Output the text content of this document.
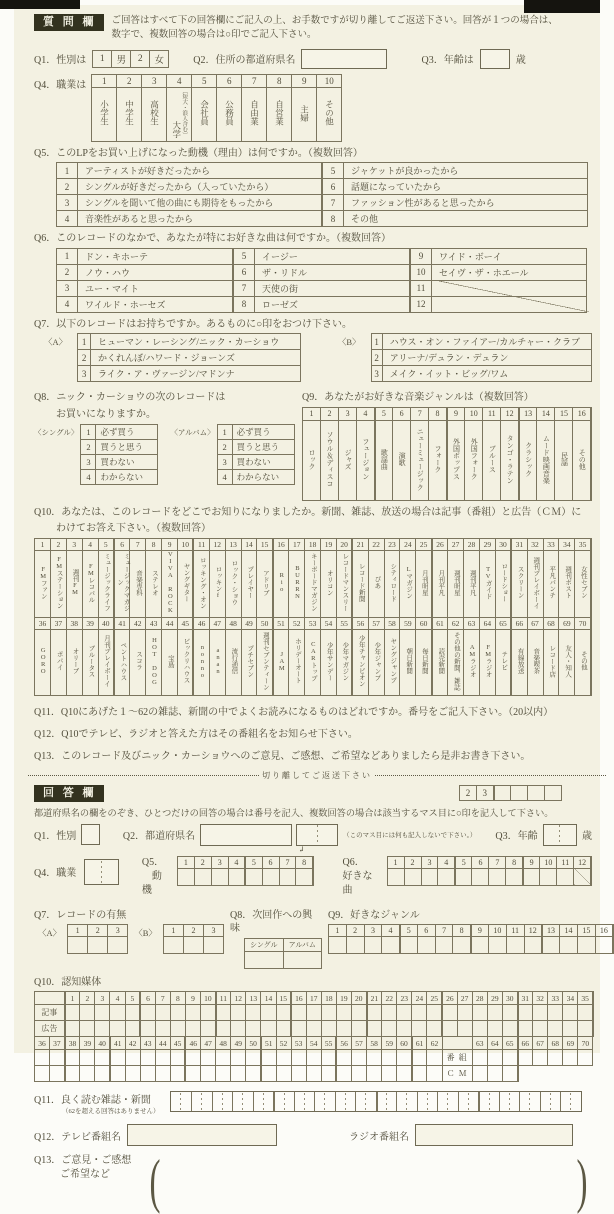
質 問 欄	ご回答はすべて下の回答欄にご記入の上、お手数ですが切り離してご返送下さい。回答が１つの場合は、
数字で、複数回答の場合は○印でご記入下さい。
Q1．性別は 1	男	2	女	Q2．住所の都道府県名	Q3．年齢は	歳
Q4．職業は 1	2	3	4	5	6	7	8	9	10
小学生	中学生	高校生	大学〔短大・浪人含む〕	会社員	公務員	自由業	自営業	主婦	その他
Q5．このLPをお買い上げになった動機（理由）は何ですか。（複数回答）
1	アーティストが好きだったから
2	シングルが好きだったから（入っていたから）
3	シングルを聞いて他の曲にも期待をもったから
4	音楽性があると思ったから
5	ジャケットが良かったから
6	話題になっていたから
7	ファッション性があると思ったから
8	その他
Q6．このレコードのなかで、あなたが特にお好きな曲は何ですか。（複数回答）
1	ドン・キホーテ
2	ノウ・ハウ
3	ユー・マイト
4	ワイルド・ホーセズ
5	イージー
6	ザ・リドル
7	天使の街
8	ローゼズ
9	ワイド・ボーイ
10	セイヴ・ザ・ホエール
11	
12	
Q7．以下のレコードはお持ちですか。あるものに○印をおつけ下さい。
〈A〉 1	ヒューマン・レーシング/ニック・カーショウ
2	かくれんぼ/ハワード・ジョーンズ
3	ライク・ア・ヴァージン/マドンナ
〈B〉 1	ハウス・オン・ファイアー/カルチャー・クラブ
2	アリーナ/デュラン・デュラン
3	メイク・イット・ビッグ/ワム
Q8．ニック・カーショウの次のレコードは
お買いになりますか。
〈シングル〉 1	必ず買う
2	買うと思う
3	買わない
4	わからない
〈アルバム〉 1	必ず買う
2	買うと思う
3	買わない
4	わからない
Q9．あなたがお好きな音楽ジャンルは（複数回答）
1	2	3	4	5	6	7	8	9	10	11	12	13	14	15	16
ロック	ソウル＆ディスコ	ジャズ	フュージョン	歌謡曲	演歌	ニューミュージック	フォーク	外国ポップス	外国フォーク	ブルース	タンゴ・ラテン	クラシック	ムード映画音楽	民謡	その他
Q10．あなたは、このレコードをどこでお知りになりましたか。新聞、雑誌、放送の場合は記事（番組）と広告（ＣＭ）に
わけてお答え下さい。（複数回答）
1	2	3	4	5	6	7	8	9	10	11	12	13	14	15	16	17	18	19	20	21	22	23	24	25	26	27	28	29	30	31	32	33	34	35
FMファン	FMステーション	週刊FM	FMレコパル	ミュージックライフ	ミュージックマガジン	音楽専科	ステレオ	VIVA ROCK	ヤングギター	ロッキング・オン	ロッキンf	ロック・ショウ	プレイヤー	アドリブ	Rio	BURRN	キーボードマガジン	オリコン	レコードマンスリー	レコード新聞	ぴあ	シティロード	Lマガジン	月刊明星	月刊平凡	週刊明星	週刊平凡	TVガイド	ロードショー	スクリーン	週刊プレイボーイ	平凡パンチ	週刊ポスト	女性セブン
36	37	38	39	40	41	42	43	44	45	46	47	48	49	50	51	52	53	54	55	56	57	58	59	60	61	62	63	64	65	66	67	68	69	70
GORO	ポパイ	オリーブ	ブルータス	月刊プレイボーイ	ペントハウス	スコラ	HOT DOG	宝島	ビックリハウス	nonno	anan	流行通信	プチセブン	週刊セブンティーン	JAM	ホリデーオート	CARトップ	少年サンデー	少年マガジン	少年チャンピオン	少年ジャンプ	ヤングジャンプ	朝日新聞	毎日新聞	読売新聞	その他の新聞、雑誌	AMラジオ	FMラジオ	テレビ	有線放送	音楽喫茶	レコード店	友人・知人	その他
Q11．Q10にあげた１～62の雑誌、新聞の中でよくお読みになるものはどれですか。番号をご記入下さい。（20以内）
Q12．Q10でテレビ、ラジオと答えた方はその番組名をお知らせ下さい。
Q13．このレコード及びニック・カーショウへのご意見、ご感想、ご希望などありましたら是非お書き下さい。
切り離してご返送下さい
回 答 欄	2	3				
都道府県名の欄をのぞき、ひとつだけの回答の場合は番号を記入、複数回答の場合は該当するマス目に○印を記入して下さい。
Q1．性別	Q2．都道府県名
↲
（このマス目には何も記入しないで下さい。） Q3．年齢	歳
Q4．職業
Q5．
動機
1	2	3	4	5	6	7	8
								Q6．
好きな曲
1	2	3	4	5	6	7	8	9	10	11	12

Q7．レコードの有無
〈A〉 1	2	3
		〈B〉 1	2	3

Q8．次回作への興味
シングル	アルバム

Q9．好きなジャンル
1	2	3	4	5	6	7	8	9	10	11	12	13	14	15	16

Q10．認知媒体
		1	2	3	4	5	6	7	8	9	10	11	12	13	14	15	16	17	18	19	20	21	22	23	24	25	26	27	28	29	30	31	32	33	34	35
記事																																				
広告																																				
36	37	38	39	40	41	42	43	44	45	46	47	48	49	50	51	52	53	54	55	56	57	58	59	60	61	62			63	64	65	66	67	68	69	70
																											番 組									
																											Ｃ Ｍ									
Q11．良く読む雑誌・新聞
（62を超える回答はありません）
Q12．テレビ番組名	ラジオ番組名
Q13．ご意見・ご感想
ご希望など (	)
